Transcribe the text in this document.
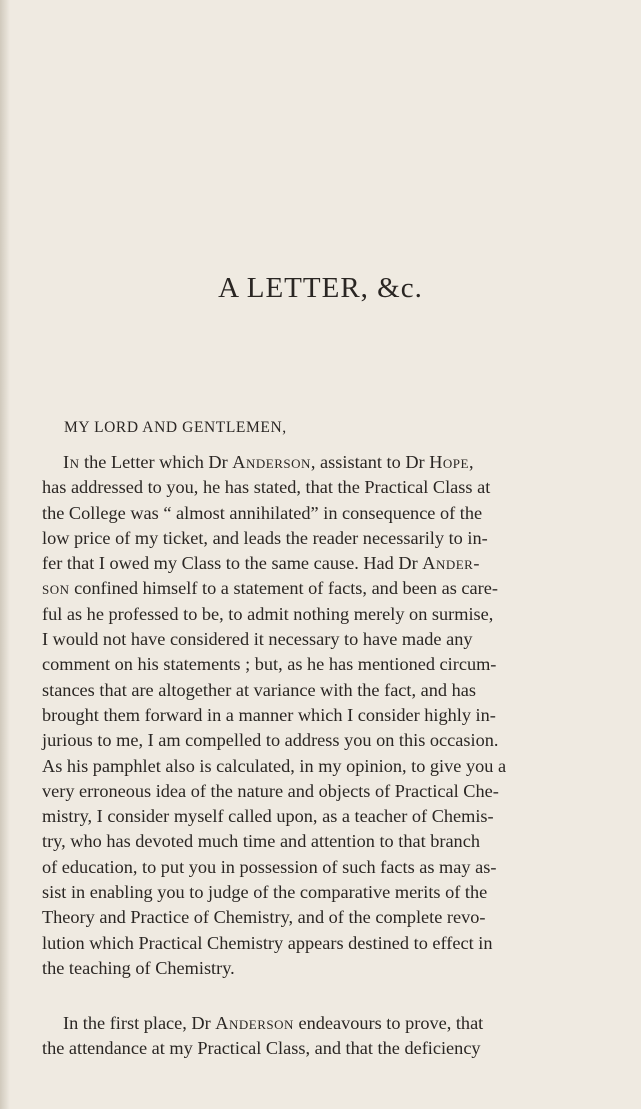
A LETTER, &c.

MY LORD AND GENTLEMEN,

In the Letter which Dr Anderson, assistant to Dr Hope,
has addressed to you, he has stated, that the Practical Class at
the College was “ almost annihilated” in consequence of the
low price of my ticket, and leads the reader necessarily to in-
fer that I owed my Class to the same cause. Had Dr Ander-
son confined himself to a statement of facts, and been as care-
ful as he professed to be, to admit nothing merely on surmise,
I would not have considered it necessary to have made any
comment on his statements ; but, as he has mentioned circum-
stances that are altogether at variance with the fact, and has
brought them forward in a manner which I consider highly in-
jurious to me, I am compelled to address you on this occasion.
As his pamphlet also is calculated, in my opinion, to give you a
very erroneous idea of the nature and objects of Practical Che-
mistry, I consider myself called upon, as a teacher of Chemis-
try, who has devoted much time and attention to that branch
of education, to put you in possession of such facts as may as-
sist in enabling you to judge of the comparative merits of the
Theory and Practice of Chemistry, and of the complete revo-
lution which Practical Chemistry appears destined to effect in
the teaching of Chemistry.
In the first place, Dr Anderson endeavours to prove, that
the attendance at my Practical Class, and that the deficiency
